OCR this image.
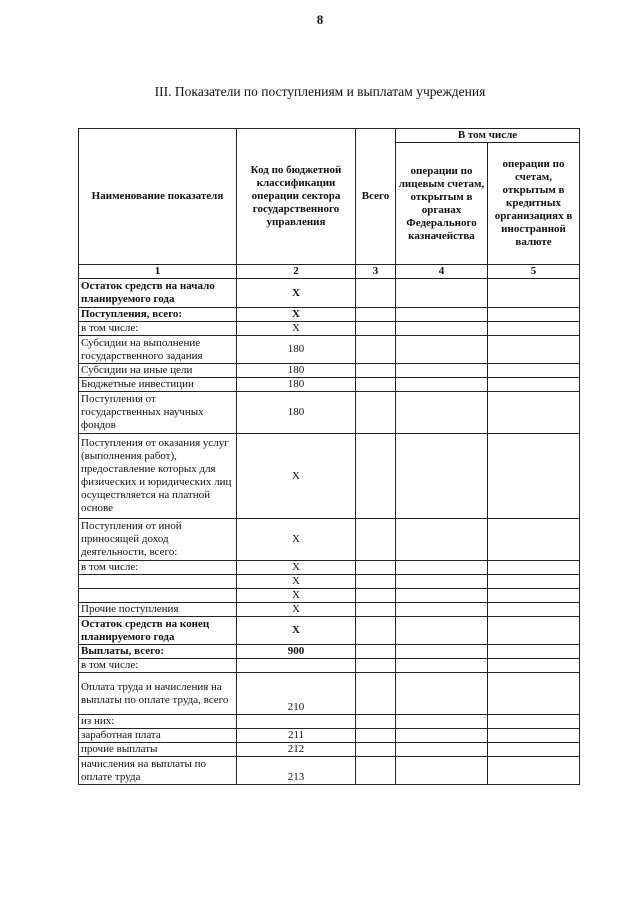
8
III. Показатели по поступлениям и выплатам учреждения
Наименование показателя	Код по бюджетной классификации операции сектора государственного управления	Всего	В том числе	
			операции по лицевым счетам, открытым в органах Федерального казначейства	операции по счетам, открытым в кредитных организациях в иностранной валюте
1	2	3	4	5
Остаток средств на начало планируемого года	Х			
Поступления, всего:	Х			
в том числе:	Х			
Субсидии на выполнение государственного задания	180			
Субсидии на иные цели	180			
Бюджетные инвестиции	180			
Поступления от государственных научных фондов	180			
Поступления от оказания услуг (выполнения работ), предоставление которых для физических и юридических лиц осуществляется на платной основе	Х			
Поступления от иной приносящей доход деятельности, всего:	Х			
в том числе:	Х			
	Х			
	Х			
Прочие поступления	Х			
Остаток средств на конец планируемого года	Х			
Выплаты, всего:	900			
в том числе:				
Оплата труда и начисления на выплаты по оплате труда, всего	210			
из них:				
заработная плата	211			
прочие выплаты	212			
начисления на выплаты по оплате труда	213			
